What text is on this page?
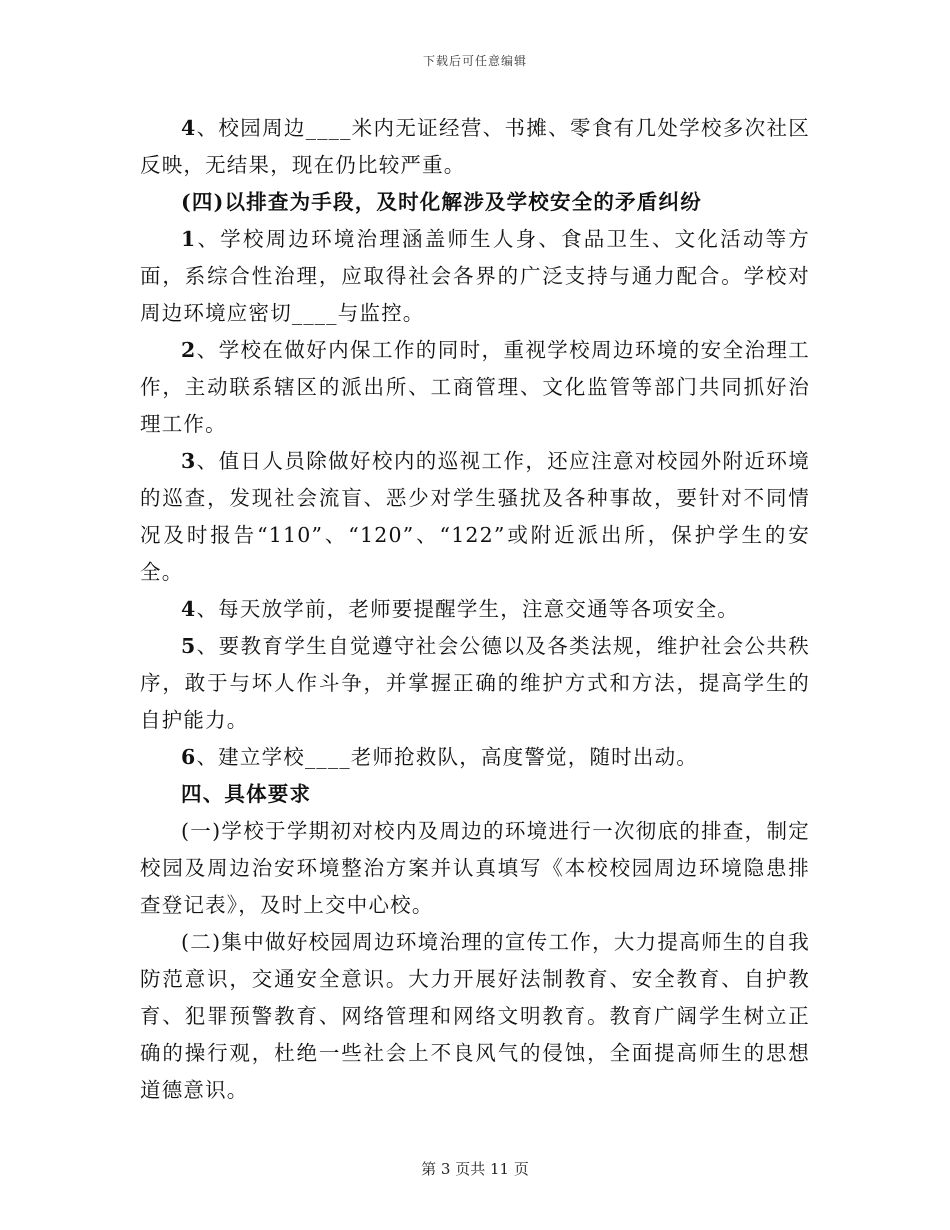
下载后可任意编辑

4、校园周边____米内无证经营、书摊、零食有几处学校多次社区反映，无结果，现在仍比较严重。

(四)以排查为手段，及时化解涉及学校安全的矛盾纠纷

1、学校周边环境治理涵盖师生人身、食品卫生、文化活动等方面，系综合性治理，应取得社会各界的广泛支持与通力配合。学校对周边环境应密切____与监控。

2、学校在做好内保工作的同时，重视学校周边环境的安全治理工作，主动联系辖区的派出所、工商管理、文化监管等部门共同抓好治理工作。

3、值日人员除做好校内的巡视工作，还应注意对校园外附近环境的巡查，发现社会流盲、恶少对学生骚扰及各种事故，要针对不同情况及时报告“110”、“120”、“122”或附近派出所，保护学生的安全。

4、每天放学前，老师要提醒学生，注意交通等各项安全。

5、要教育学生自觉遵守社会公德以及各类法规，维护社会公共秩序，敢于与坏人作斗争，并掌握正确的维护方式和方法，提高学生的自护能力。

6、建立学校____老师抢救队，高度警觉，随时出动。

四、具体要求

(一)学校于学期初对校内及周边的环境进行一次彻底的排查，制定校园及周边治安环境整治方案并认真填写《本校校园周边环境隐患排查登记表》，及时上交中心校。

(二)集中做好校园周边环境治理的宣传工作，大力提高师生的自我防范意识，交通安全意识。大力开展好法制教育、安全教育、自护教育、犯罪预警教育、网络管理和网络文明教育。教育广阔学生树立正确的操行观，杜绝一些社会上不良风气的侵蚀，全面提高师生的思想道德意识。

第 3 页共 11 页
